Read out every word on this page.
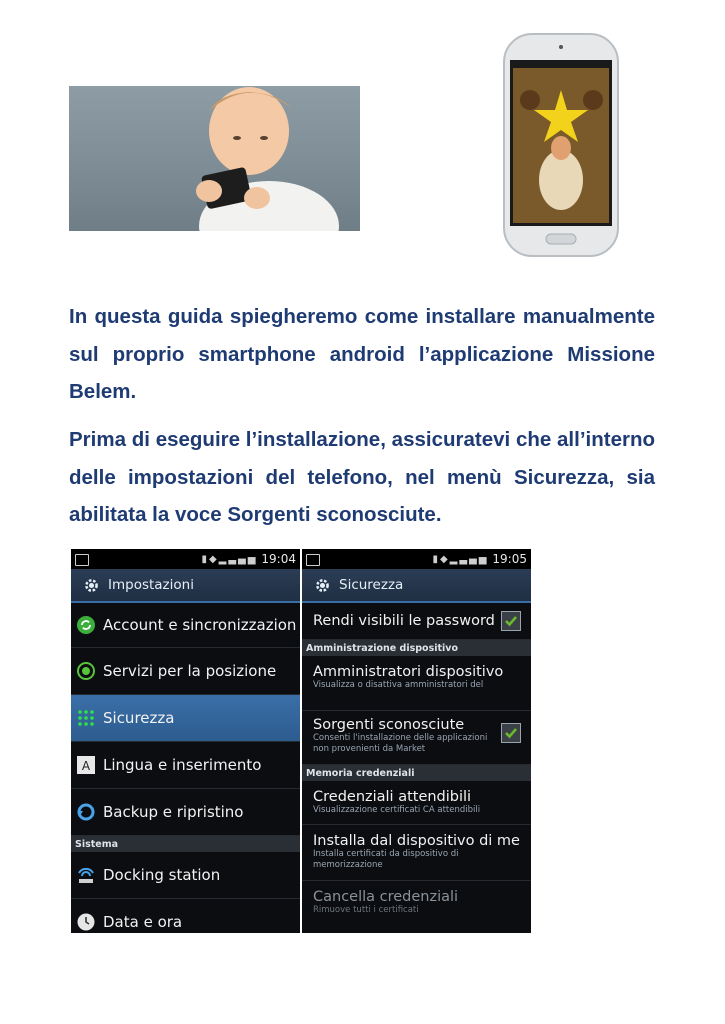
In questa guida spiegheremo come installare manualmente sul proprio smartphone android l’applicazione Missione Belem.

Prima di eseguire l’installazione, assicuratevi che all’interno delle impostazioni del telefono, nel menù Sicurezza, sia abilitata la voce Sorgenti sconosciute.

▮◆▂▃▄▅ 19:04
Impostazioni
Account e sincronizzazion
Servizi per la posizione
Sicurezza
A Lingua e inserimento
Backup e ripristino
Sistema
Docking station
Data e ora
▮◆▂▃▄▅ 19:05
Sicurezza
Rendi visibili le password
Amministrazione dispositivo
Amministratori dispositivo
Visualizza o disattiva amministratori del
Sorgenti sconosciute
Consenti l'installazione delle applicazioni non provenienti da Market
Memoria credenziali
Credenziali attendibili
Visualizzazione certificati CA attendibili
Installa dal dispositivo di me
Installa certificati da dispositivo di memorizzazione
Cancella credenziali
Rimuove tutti i certificati
